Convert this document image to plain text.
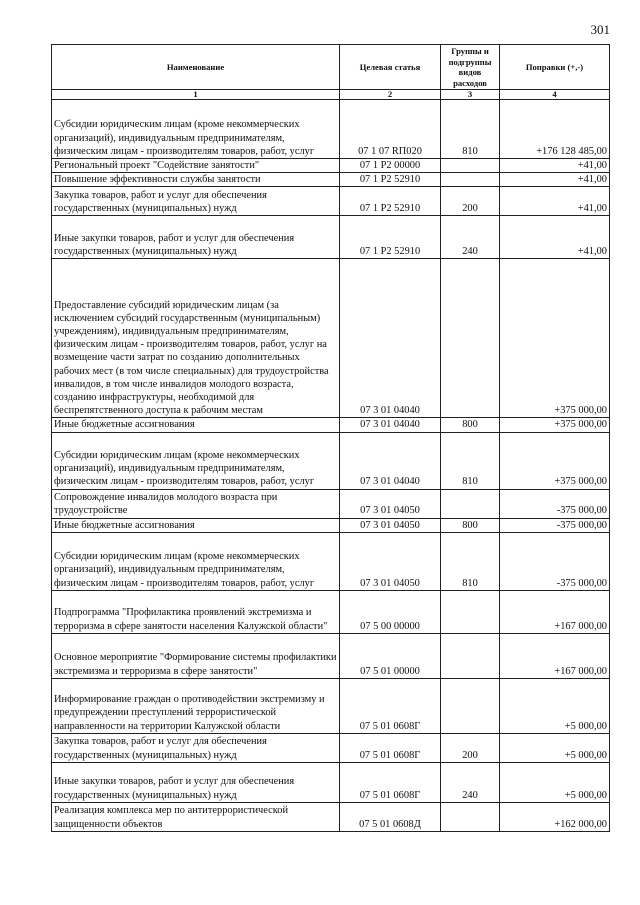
301
Наименование	Целевая статья	Группы и подгруппы видов расходов	Поправки (+,-)
1	2	3	4
Субсидии юридическим лицам (кроме некоммерческих организаций), индивидуальным предпринимателям, физическим лицам - производителям товаров, работ, услуг	07 1 07 RП020	810	+176 128 485,00
Региональный проект "Содействие занятости"	07 1 P2 00000		+41,00
Повышение эффективности службы занятости	07 1 P2 52910		+41,00
Закупка товаров, работ и услуг для обеспечения государственных (муниципальных) нужд	07 1 P2 52910	200	+41,00
Иные закупки товаров, работ и услуг для обеспечения государственных (муниципальных) нужд	07 1 P2 52910	240	+41,00
Предоставление субсидий юридическим лицам (за исключением субсидий государственным (муниципальным) учреждениям), индивидуальным предпринимателям, физическим лицам - производителям товаров, работ, услуг на возмещение части затрат по созданию дополнительных рабочих мест (в том числе специальных) для трудоустройства инвалидов, в том числе инвалидов молодого возраста, созданию инфраструктуры, необходимой для беспрепятственного доступа к рабочим местам	07 3 01 04040		+375 000,00
Иные бюджетные ассигнования	07 3 01 04040	800	+375 000,00
Субсидии юридическим лицам (кроме некоммерческих организаций), индивидуальным предпринимателям, физическим лицам - производителям товаров, работ, услуг	07 3 01 04040	810	+375 000,00
Сопровождение инвалидов молодого возраста при трудоустройстве	07 3 01 04050		-375 000,00
Иные бюджетные ассигнования	07 3 01 04050	800	-375 000,00
Субсидии юридическим лицам (кроме некоммерческих организаций), индивидуальным предпринимателям, физическим лицам - производителям товаров, работ, услуг	07 3 01 04050	810	-375 000,00
Подпрограмма "Профилактика проявлений экстремизма и терроризма в сфере занятости населения Калужской области"	07 5 00 00000		+167 000,00
Основное мероприятие "Формирование системы профилактики экстремизма и терроризма в сфере занятости"	07 5 01 00000		+167 000,00
Информирование граждан о противодействии экстремизму и предупреждении преступлений террористической направленности на территории Калужской области	07 5 01 0608Г		+5 000,00
Закупка товаров, работ и услуг для обеспечения государственных (муниципальных) нужд	07 5 01 0608Г	200	+5 000,00
Иные закупки товаров, работ и услуг для обеспечения государственных (муниципальных) нужд	07 5 01 0608Г	240	+5 000,00
Реализация комплекса мер по антитеррористической защищенности объектов	07 5 01 0608Д		+162 000,00
